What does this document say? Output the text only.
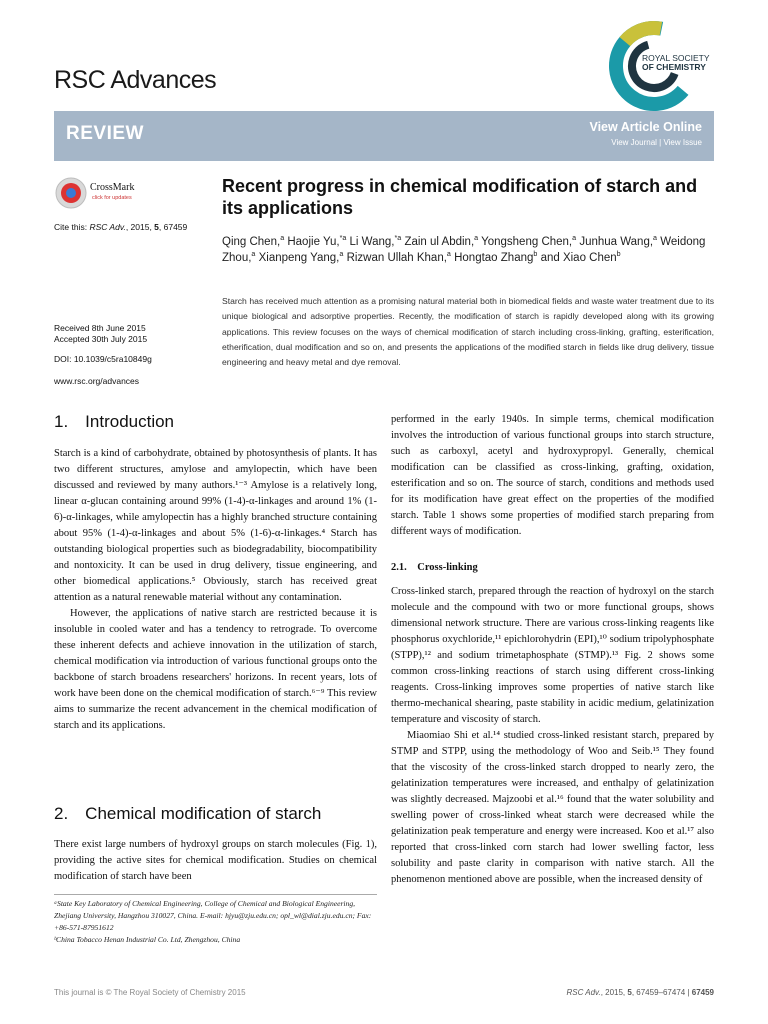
RSC Advances
ROYAL SOCIETY
OF CHEMISTRY
REVIEW	View Article Online
View Journal | View Issue
CrossMark
click for updates
Cite this: RSC Adv., 2015, 5, 67459
Received 8th June 2015
Accepted 30th July 2015
DOI: 10.1039/c5ra10849g
www.rsc.org/advances
Recent progress in chemical modification of starch and its applications
Qing Chen,$^a$ Haojie Yu,$^{*a}$ Li Wang,$^{*a}$ Zain ul Abdin,$^a$ Yongsheng Chen,$^a$ Junhua Wang,$^a$ Weidong Zhou,$^a$ Xianpeng Yang,$^a$ Rizwan Ullah Khan,$^a$ Hongtao Zhang$^b$ and Xiao Chen$^b$
Starch has received much attention as a promising natural material both in biomedical fields and waste water treatment due to its unique biological and adsorptive properties. Recently, the modification of starch is rapidly developed along with its growing applications. This review focuses on the ways of chemical modification of starch including cross-linking, grafting, esterification, etherification, dual modification and so on, and presents the applications of the modified starch in fields like drug delivery, tissue engineering and heavy metal and dye removal.
1. Introduction

Starch is a kind of carbohydrate, obtained by photosynthesis of plants. It has two different structures, amylose and amylopectin, which have been discussed and reviewed by many authors.¹⁻³ Amylose is a relatively long, linear α-glucan containing around 99% (1-4)-α-linkages and around 1% (1-6)-α-linkages, while amylopectin has a highly branched structure containing about 95% (1-4)-α-linkages and about 5% (1-6)-α-linkages.⁴ Starch has outstanding biological properties such as biodegradability, biocompatibility and nontoxicity. It can be used in drug delivery, tissue engineering, and other biomedical applications.⁵ Obviously, starch has received great attention as a natural renewable material without any contamination.

However, the applications of native starch are restricted because it is insoluble in cooled water and has a tendency to retrograde. To overcome these inherent defects and achieve innovation in the utilization of starch, chemical modification via introduction of various functional groups onto the backbone of starch broadens researchers' horizons. In recent years, lots of work have been done on the chemical modification of starch.⁶⁻⁹ This review aims to summarize the recent advancement in the chemical modification of starch and its applications.

2. Chemical modification of starch

There exist large numbers of hydroxyl groups on starch molecules (Fig. 1), providing the active sites for chemical modification. Studies on chemical modification of starch have been

ᵃState Key Laboratory of Chemical Engineering, College of Chemical and Biological Engineering, Zhejiang University, Hangzhou 310027, China. E-mail: hjyu@zju.edu.cn; opl_wl@dial.zju.edu.cn; Fax: +86-571-87951612
ᵇChina Tobacco Henan Industrial Co. Ltd, Zhengzhou, China

performed in the early 1940s. In simple terms, chemical modification involves the introduction of various functional groups into starch structure, such as carboxyl, acetyl and hydroxypropyl. Generally, chemical modification can be classified as cross-linking, grafting, oxidation, esterification and so on. The source of starch, conditions and methods used for its modification have great effect on the properties of the modified starch. Table 1 shows some properties of modified starch preparing from different ways of modification.

2.1. Cross-linking

Cross-linked starch, prepared through the reaction of hydroxyl on the starch molecule and the compound with two or more functional groups, shows dimensional network structure. There are various cross-linking reagents like phosphorus oxychloride,¹¹ epichlorohydrin (EPI),¹⁰ sodium tripolyphosphate (STPP),¹² and sodium trimetaphosphate (STMP).¹³ Fig. 2 shows some common cross-linking reactions of starch using different cross-linking reagents. Cross-linking improves some properties of native starch like thermo-mechanical shearing, paste stability in acidic medium, gelatinization temperature and viscosity of starch.

Miaomiao Shi et al.¹⁴ studied cross-linked resistant starch, prepared by STMP and STPP, using the methodology of Woo and Seib.¹⁵ They found that the viscosity of the cross-linked starch dropped to nearly zero, the gelatinization temperatures were increased, and enthalpy of gelatinization was slightly decreased. Majzoobi et al.¹⁶ found that the water solubility and swelling power of cross-linked wheat starch were decreased while the gelatinization peak temperature and energy were increased. Koo et al.¹⁷ also reported that cross-linked corn starch had lower swelling factor, less solubility and paste clarity in comparison with native starch. All the phenomenon mentioned above are possible, when the increased density of

This journal is © The Royal Society of Chemistry 2015	RSC Adv., 2015, 5, 67459–67474 | 67459
